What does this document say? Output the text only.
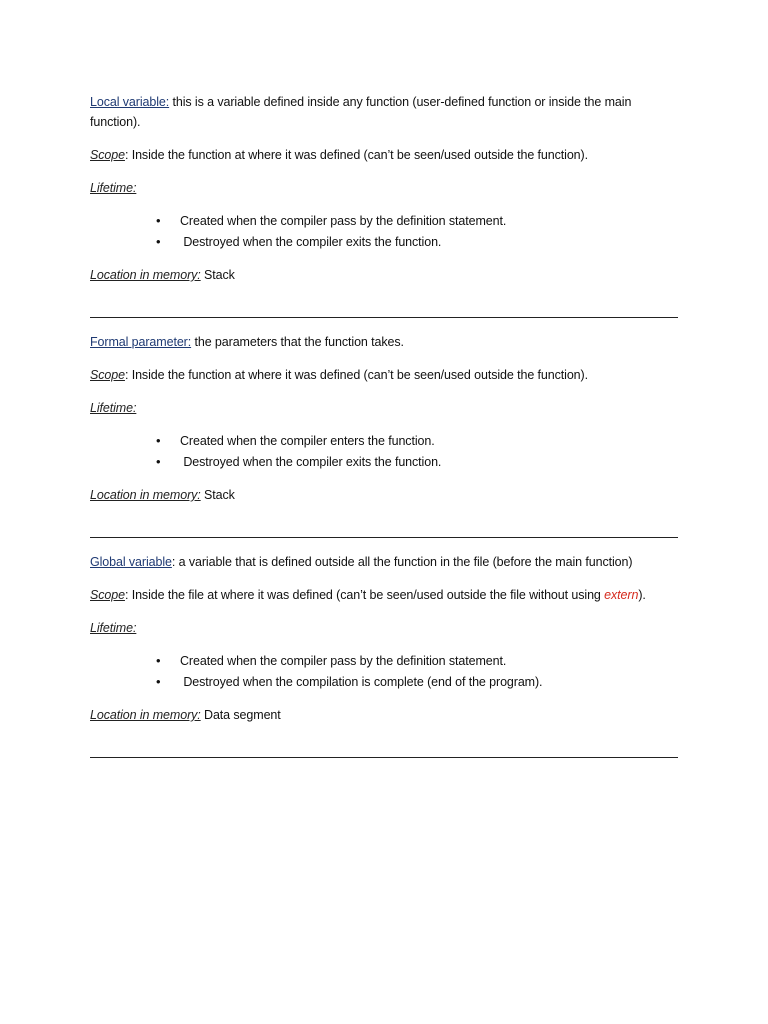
Local variable: this is a variable defined inside any function (user-defined function or inside the main function).
Scope: Inside the function at where it was defined (can’t be seen/used outside the function).
Lifetime:
• Created when the compiler pass by the definition statement.
• Destroyed when the compiler exits the function.
Location in memory: Stack
Formal parameter: the parameters that the function takes.
Scope: Inside the function at where it was defined (can’t be seen/used outside the function).
Lifetime:
• Created when the compiler enters the function.
• Destroyed when the compiler exits the function.
Location in memory: Stack
Global variable: a variable that is defined outside all the function in the file (before the main function)
Scope: Inside the file at where it was defined (can’t be seen/used outside the file without using extern).
Lifetime:
• Created when the compiler pass by the definition statement.
• Destroyed when the compilation is complete (end of the program).
Location in memory: Data segment
